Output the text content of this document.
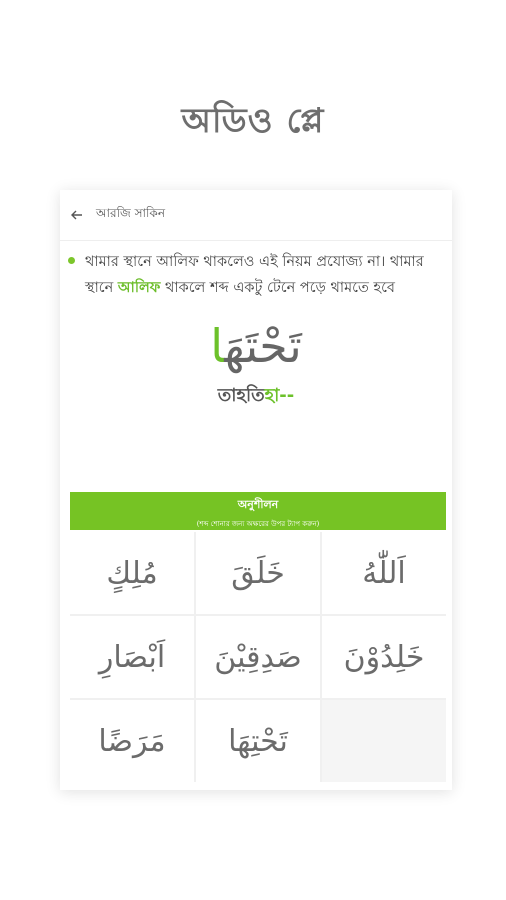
অডিও প্লে
আরজি সাকিন
থামার স্থানে আলিফ থাকলেও এই নিয়ম প্রযোজ্য না। থামার স্থানে আলিফ থাকলে শব্দ একটু টেনে পড়ে থামতে হবে
تَحْتَهَا
তাহতিহা--
অনুশীলন
(শব্দ শোনার জন্য অক্ষরের উপর ট্যাপ করুন)
مُلِكٍ	خَلَقَ	اَللّٰهُ
اَبْصَارِ	صَدِقِيْنَ	خَلِدُوْنَ
مَرَضًا	تَحْتِهَا
